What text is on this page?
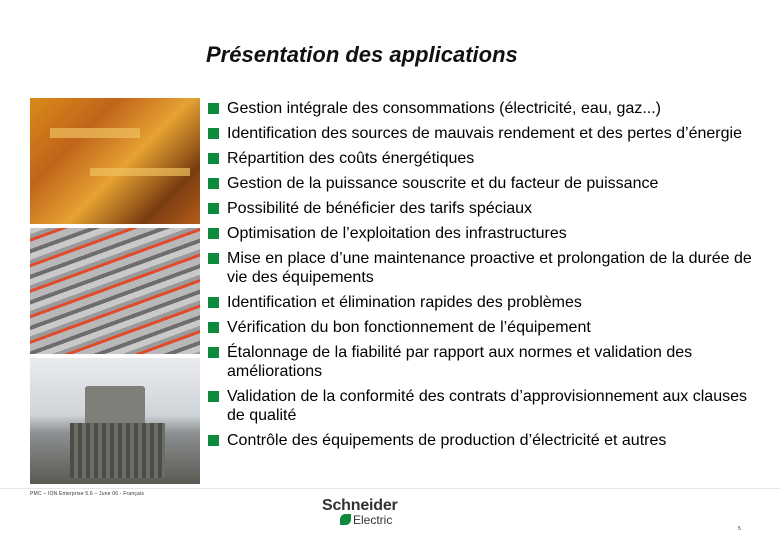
Présentation des applications
Gestion intégrale des consommations (électricité, eau, gaz...)
Identification des sources de mauvais rendement et des pertes d’énergie
Répartition des coûts énergétiques
Gestion de la puissance souscrite et du facteur de puissance
Possibilité de bénéficier des tarifs spéciaux
Optimisation de l’exploitation des infrastructures
Mise en place d’une maintenance proactive et prolongation de la durée de vie des équipements
Identification et élimination rapides des problèmes
Vérification du bon fonctionnement de l’équipement
Étalonnage de la fiabilité par rapport aux normes et validation des améliorations
Validation de la conformité des contrats d’approvisionnement aux clauses de qualité
Contrôle des équipements de production d’électricité et autres
PMC – ION Enterprise 5.6 – June 06 - Français
Schneider
Electric
5
